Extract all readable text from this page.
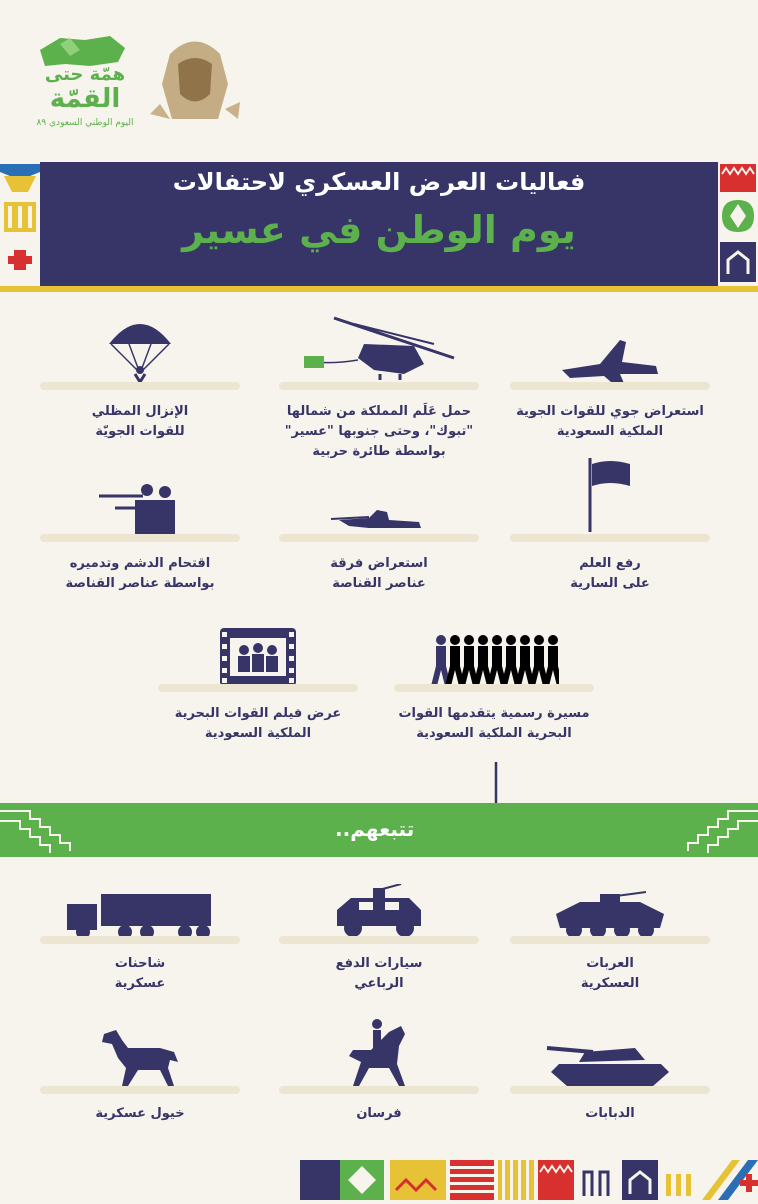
همّة حتى
القمّة
اليوم الوطني السعودي ٨٩
فعاليات العرض العسكري لاحتفالات
يوم الوطن في عسير
استعراض جوي للقوات الجوية
الملكية السعودية
حمل عَلَم المملكة من شمالها
"تبوك"، وحتى جنوبها "عسير"
بواسطة طائرة حربية
الإنزال المظلي
للقوات الجويّة
رفع العلم
على السارية
استعراض فرقة
عناصر القناصة
اقتحام الدشم وتدميره
بواسطة عناصر القناصة
مسيرة رسمية يتقدمها القوات
البحرية الملكية السعودية
عرض فيلم القوات البحرية
الملكية السعودية
تتبعهم..
العربات
العسكرية
سيارات الدفع
الرباعي
شاحنات
عسكرية
الدبابات
فرسان
خيول عسكرية
